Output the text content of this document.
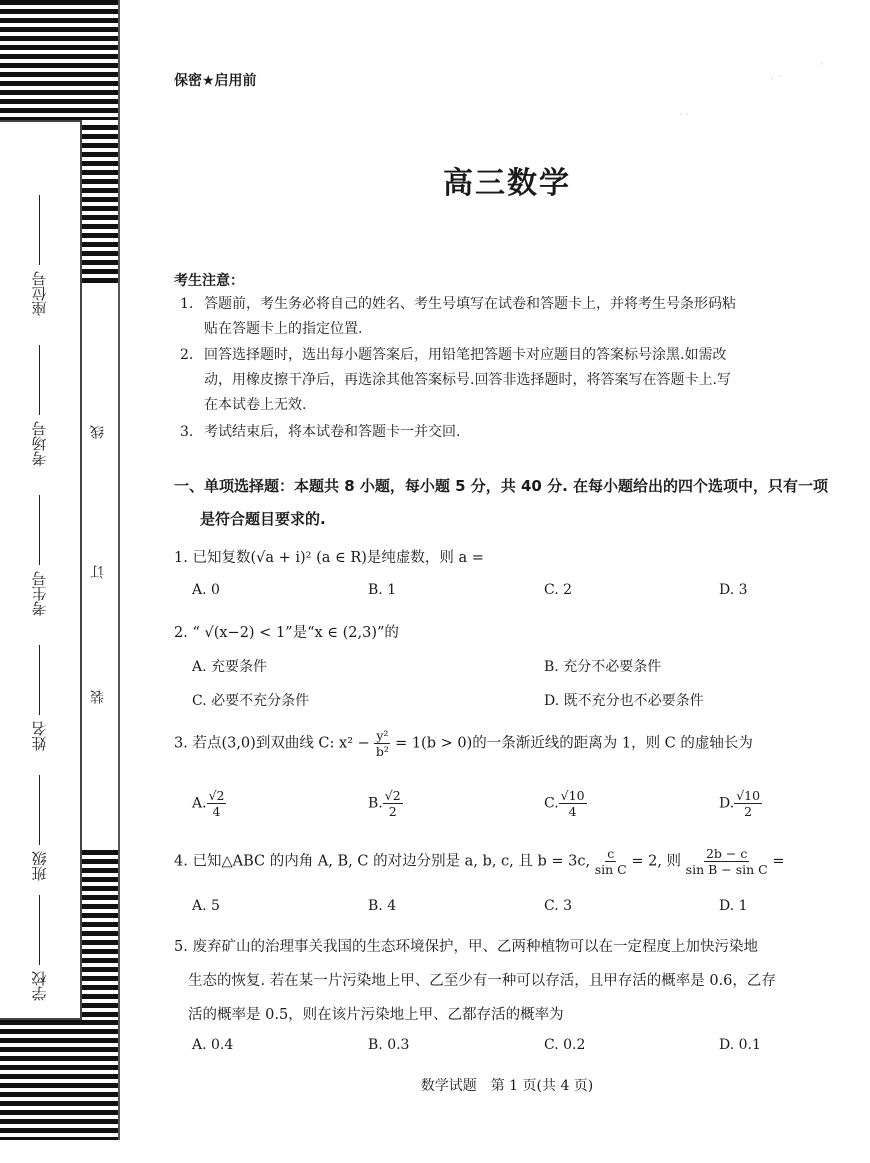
座位号
考场号
考生号
姓名
班级
学校
线
订
装
.  ·
·
· ·
保密★启用前
高三数学
考生注意：
1. 答题前，考生务必将自己的姓名、考生号填写在试卷和答题卡上，并将考生号条形码粘
贴在答题卡上的指定位置.
2. 回答选择题时，选出每小题答案后，用铅笔把答题卡对应题目的答案标号涂黑.如需改
动，用橡皮擦干净后，再选涂其他答案标号.回答非选择题时，将答案写在答题卡上.写
在本试卷上无效.
3. 考试结束后，将本试卷和答题卡一并交回.
一、单项选择题：本题共 8 小题，每小题 5 分，共 40 分. 在每小题给出的四个选项中，只有一项
是符合题目要求的.
1. 已知复数(√a + i)² (a ∈ R)是纯虚数，则 a =
A. 0	B. 1	C. 2	D. 3
2. “ √(x−2) < 1”是“x ∈ (2,3)”的
A. 充要条件	B. 充分不必要条件
C. 必要不充分条件	D. 既不充分也不必要条件
3. 若点(3,0)到双曲线 C: $x^2 - \frac{\text{y²}}{\text{b²}} = 1(b > 0)$的一条渐近线的距离为 1，则 C 的虚轴长为
A. $\frac{√2}{4}$	B. $\frac{√2}{2}$	C. $\frac{√10}{4}$	D. $\frac{√10}{2}$
4. 已知△ABC 的内角 A, B, C 的对边分别是 a, b, c, 且 b = 3c, $\frac{c}{\text{sin C}} = 2$, 则 $\frac{2b - c}{\text{sin B − sin C}}$ =
A. 5	B. 4	C. 3	D. 1
5. 废弃矿山的治理事关我国的生态环境保护，甲、乙两种植物可以在一定程度上加快污染地
生态的恢复. 若在某一片污染地上甲、乙至少有一种可以存活，且甲存活的概率是 0.6，乙存
活的概率是 0.5，则在该片污染地上甲、乙都存活的概率为
A. 0.4	B. 0.3	C. 0.2	D. 0.1
数学试题　第 1 页(共 4 页)
